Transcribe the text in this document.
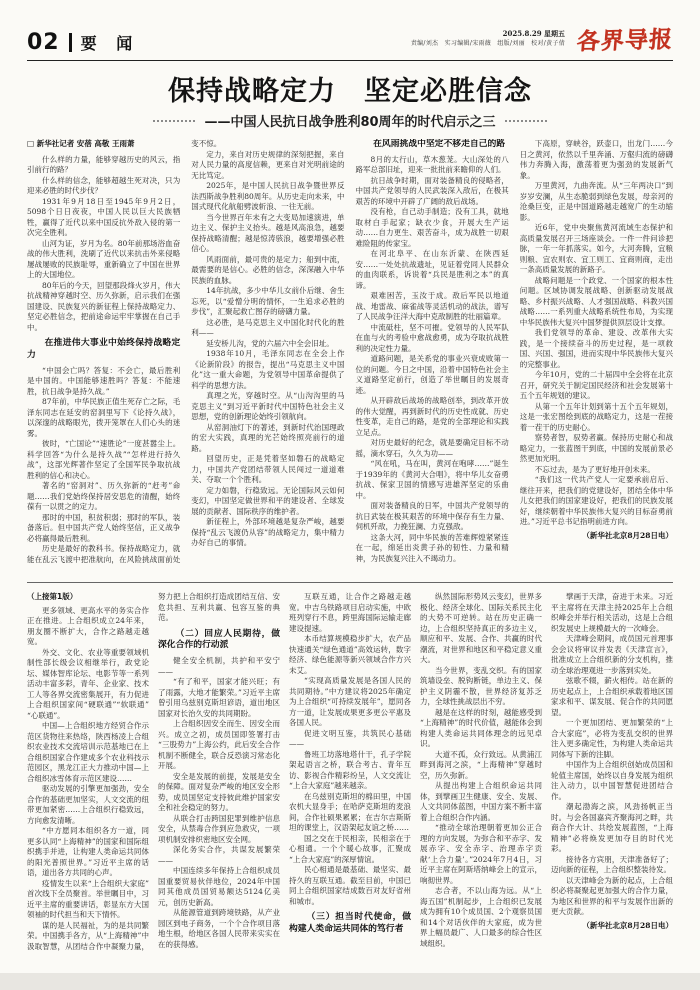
02 要 闻
2025.8.29 星期五
责编/刘杰　实习编辑/宋雨薇　组版/刘丽　校对/黄子倩 各界导报
保持战略定力　坚定必胜信念
——中国人民抗日战争胜利80周年的时代启示之三

□ 新华社记者 安蓓 高敬 王雨萧

什么样的力量，能够穿越历史的风云，指引前行的路？

什么样的信念，能够超越生死对决，只为迎来必胜的时代步伐？

1931年9月18日至1945年9月2日，5098个日日夜夜，中国人民以巨大民族牺牲，赢得了近代以来中国反抗外敌入侵的第一次完全胜利。

山河为证，岁月为名。80年前那场浴血奋战的伟大胜利，洗刷了近代以来抗击外来侵略屡战屡败的民族耻辱，重新确立了中国在世界上的大国地位。

80年后的今天，回望那段烽火岁月，伟大抗战精神穿越时空、历久弥新，启示我们在强国建设、民族复兴的新征程上保持战略定力、坚定必胜信念，把前途命运牢牢掌握在自己手中。

在推进伟大事业中始终保持战略定力

“中国会亡吗？答复：不会亡，最后胜利是中国的。中国能够速胜吗？答复：不能速胜，抗日战争是持久战。”

87年前，中华民族正值生死存亡之际，毛泽东同志在延安的窑洞里写下《论持久战》，以深邃的战略眼光，拨开笼罩在人们心头的迷雾。

彼时，“亡国论”“速胜论”一度甚嚣尘上。科学回答“为什么是持久战”“怎样进行持久战”，这部光辉著作坚定了全国军民争取抗战胜利的信心和决心。

著名的“窑洞对”、历久弥新的“赶考”命题……我们党始终保持居安思危的清醒，始终葆有一以贯之的定力。

那时的中国，积贫积弱；那时的军队，装备落后。但中国共产党人始终坚信，正义战争必将赢得最后胜利。

历史是最好的教科书。保持战略定力，就能在乱云飞渡中把准航向，在风险挑战面前处变不惊。

定力，来自对历史规律的深刻把握，来自对人民力量的高度信赖，更来自对光明前途的无比笃定。

2025年，是中国人民抗日战争暨世界反法西斯战争胜利80周年。从历史走向未来，中国式现代化航船劈波斩浪、一往无前。

当今世界百年未有之大变局加速演进，单边主义、保护主义抬头。越是风高浪急，越要保持战略清醒；越是惊涛骇浪，越要增强必胜信心。

风雨面前，最可贵的是定力；船到中流，最需要的是信心。必胜的信念，深深融入中华民族的血脉。

14年抗战，多少中华儿女前仆后继、舍生忘死，以“爱憎分明的情怀，一生追求必胜的步伐”，汇聚起救亡图存的磅礴力量。

这必胜，是马克思主义中国化时代化的胜利——

延安桥儿沟，党的六届六中全会旧址。

1938年10月，毛泽东同志在全会上作《论新阶段》的报告，提出“马克思主义中国化”这一重大命题，为党领导中国革命提供了科学的思想方法。

真理之光，穿越时空。从“山沟沟里的马克思主义”到习近平新时代中国特色社会主义思想，党的创新理论始终引领航向。

从窑洞油灯下的著述，到新时代治国理政的宏大实践，真理的光芒始终照亮前行的道路。

回望历史，正是凭着坚如磐石的战略定力，中国共产党团结带领人民闯过一道道难关、夺取一个个胜利。

定力如磐，行稳致远。无论国际风云如何变幻，中国坚定做世界和平的建设者、全球发展的贡献者、国际秩序的维护者。

新征程上，外部环境越是复杂严峻，越要保持“乱云飞渡仍从容”的战略定力，集中精力办好自己的事情。

在风雨挑战中坚定不移走自己的路

8月的太行山，草木葱茏。大山深处的八路军总部旧址，迎来一批批前来瞻仰的人们。

抗日战争时期，面对装备精良的侵略者，中国共产党领导的人民武装深入敌后，在极其艰苦的环境中开辟了广阔的敌后战场。

没有枪，自己动手制造；没有工具，就地取材白手起家；缺衣少食，开展大生产运动……自力更生、艰苦奋斗，成为战胜一切艰难险阻的传家宝。

在河北阜平、在山东沂蒙、在陕西延安……一处处抗战遗址，见证着党同人民群众的血肉联系，诉说着“兵民是胜利之本”的真谛。

艰难困苦，玉汝于成。敌后军民以地道战、地雷战、麻雀战等灵活机动的战法，谱写了人民战争汪洋大海中克敌制胜的壮丽篇章。

中流砥柱，坚不可摧。党领导的人民军队在血与火的考验中愈战愈勇，成为夺取抗战胜利的决定性力量。

道路问题，是关系党的事业兴衰成败第一位的问题。今日之中国，沿着中国特色社会主义道路坚定前行，创造了举世瞩目的发展奇迹。

从开辟敌后战场的战略创举，到改革开放的伟大觉醒，再到新时代的历史性成就、历史性变革，走自己的路，是党的全部理论和实践立足点。

对历史最好的纪念，就是要确定目标不动摇，滴水穿石，久久为功——

“风在吼，马在叫，黄河在咆哮……”诞生于1939年的《黄河大合唱》，将中华儿女奋勇抗战、保家卫国的情感写进雄浑坚定的乐曲中。

面对装备精良的日军，中国共产党领导的抗日武装在极其艰苦的环境中保存有生力量、伺机歼敌，力挽狂澜、力克强敌。

这条大河，同中华民族的苦难辉煌紧紧连在一起，绵延出炎黄子孙的韧性、力量和精神，为民族复兴注入不竭动力。

下高原，穿峡谷，跃壶口，出龙门……今日之黄河，依然以千里奔涌、万壑归流的磅礴伟力奔腾入海，激荡着更为强劲的发展新气象。

万里黄河，九曲奔流。从“三年两决口”到岁岁安澜，从生态脆弱到绿色发展，母亲河的沧桑巨变，正是中国道路越走越宽广的生动缩影。

近6年，党中央聚焦黄河流域生态保护和高质量发展召开三场座谈会。一件一件问诊把脉，一年一年抓落实。如今，大河奔腾，宜粮则粮、宜农则农、宜工则工、宜商则商，走出一条高质量发展的新路子。

战略问题是一个政党、一个国家的根本性问题。区域协调发展战略、创新驱动发展战略、乡村振兴战略、人才强国战略、科教兴国战略……一系列重大战略系统性布局，为实现中华民族伟大复兴中国梦提供顶层设计支撑。

我们党领导的革命、建设、改革伟大实践，是一个接续奋斗的历史过程，是一项救国、兴国、强国，进而实现中华民族伟大复兴的完整事业。

今年10月，党的二十届四中全会将在北京召开，研究关于制定国民经济和社会发展第十五个五年规划的建议。

从第一个五年计划到第十五个五年规划，这是一张宏图绘到底的战略定力，这是一茬接着一茬干的历史耐心。

察势者智，驭势者赢。保持历史耐心和战略定力，一张蓝图干到底，中国的发展前景必然更加光明。

不忘过去，是为了更好地开创未来。

“我们这一代共产党人一定要承前启后、继往开来，把我们的党建设好，团结全体中华儿女把我们的国家建设好，把我们的民族发展好，继续朝着中华民族伟大复兴的目标奋勇前进。”习近平总书记指明前进方向。

（新华社北京8月28日电）

（上接第1版）

更多领域、更高水平的务实合作正在推进。上合组织成立24年来，朋友圈不断扩大，合作之路越走越宽。

外交、文化、农业等重要领域机制性部长级会议相继举行，政党论坛、媒体智库论坛、电影节等一系列活动丰富多彩，青年、企业家、技术工人等各界交流密集展开，有力促进上合组织国家间“硬联通”“软联通”“心联通”。

中国—上合组织地方经贸合作示范区货物往来热络，陕西杨凌上合组织农业技术交流培训示范基地已在上合组织国家合作建成多个农业科技示范园区，黑龙江正大力推动中国—上合组织冰雪体育示范区建设……

驱动发展的引擎更加强劲，安全合作的基础更加坚实，人文交流的纽带更加紧密……上合组织行稳致远，方向愈发清晰。

“中方愿同本组织各方一道，同更多认同“上海精神”的国家和国际组织携手并进，让构建人类命运共同体的阳光普照世界。”习近平主席的话语，道出各方共同的心声。

疫情发生以来“上合组织大家庭”首次线下全员聚首。举世瞩目中，习近平主席的重要讲话，彰显东方大国领袖的时代担当和天下情怀。

谋的是人民福祉，为的是共同繁荣。中国携手各方，从“上海精神”中汲取智慧，从团结合作中凝聚力量，努力把上合组织打造成团结互信、安危共担、互利共赢、包容互鉴的典范。

（二）回应人民期待，做深化合作的行动派

健全安全机制，共护和平安宁——

“有了和平，国家才能兴旺；有了雨露，大地才能繁荣。”习近平主席曾引用乌兹别克斯坦谚语，道出地区国家对长治久安的共同期盼。

上合组织因安全而生、因安全而兴。成立之初，成员国即签署打击“三股势力”上海公约，此后安全合作机制不断健全，联合反恐演习常态化开展。

安全是发展的前提，发展是安全的保障。面对复杂严峻的地区安全形势，成员国坚定支持彼此维护国家安全和社会稳定的努力。

从联合打击跨国犯罪到维护信息安全，从禁毒合作到应急救灾，一项项机制安排织密地区安全网。

深化务实合作，共谋发展繁荣——

中国连续多年保持上合组织成员国重要贸易伙伴地位，2024年中国同其他成员国贸易额达5124亿美元，创历史新高。

从能源管道到跨境铁路，从产业园区到电子商务，一个个合作项目落地生根，给地区各国人民带来实实在在的获得感。

互联互通，让合作之路越走越宽。中吉乌铁路项目启动实施，中欧班列穿行不息，跨里海国际运输走廊建设提速。

本币结算规模稳步扩大，农产品快速通关“绿色通道”高效运转，数字经济、绿色能源等新兴领域合作方兴未艾。

“实现高质量发展是各国人民的共同期待。”中方建议将2025年确定为上合组织“可持续发展年”，愿同各方一道，让发展成果更多更公平惠及各国人民。

促进文明互鉴，共筑民心基础——

鲁班工坊落地塔什干，孔子学院架起语言之桥，联合考古、青年互访、影视合作精彩纷呈，人文交流让“上合大家庭”越来越亲。

在乌兹别克斯坦的棉田里，中国农机大显身手；在哈萨克斯坦的麦浪间，合作社硕果累累；在吉尔吉斯斯坦的课堂上，汉语架起友谊之桥……

国之交在于民相亲，民相亲在于心相通。一个个暖心故事，汇聚成“上合大家庭”的深厚情谊。

民心相通是最基础、最坚实、最持久的互联互通。截至目前，中国已同上合组织国家结成数百对友好省州和城市。

（三）担当时代使命，做构建人类命运共同体的笃行者

纵然国际形势风云变幻，世界多极化、经济全球化、国际关系民主化的大势不可逆转。站在历史正确一边，上合组织坚持真正的多边主义，顺应和平、发展、合作、共赢的时代潮流，对世界和地区和平稳定意义重大。

当今世界，变乱交织。有的国家筑墙设垒、脱钩断链，单边主义、保护主义阴霾不散，世界经济复苏乏力，全球性挑战层出不穷。

越是在这样的时刻，越能感受到“上海精神”的时代价值，越能体会到构建人类命运共同体理念的远见卓识。

大道不孤，众行致远。从黄浦江畔到海河之滨，“上海精神”穿越时空，历久弥新。

从提出构建上合组织命运共同体，到擘画卫生健康、安全、发展、人文共同体蓝图，中国方案不断丰富着上合组织合作内涵。

“推动全球治理朝着更加公正合理的方向发展，为弥合和平赤字、发展赤字、安全赤字、治理赤字贡献‘上合力量’。”2024年7月4日，习近平主席在阿斯塔纳峰会上的宣示，响彻世界。

志合者，不以山海为远。从“上海五国”机制起步，上合组织已发展成为拥有10个成员国、2个观察员国和14个对话伙伴的大家庭，成为世界上幅员最广、人口最多的综合性区域组织。

擘画于天津，奋进于未来。习近平主席将在天津主持2025年上合组织峰会并举行相关活动，这是上合组织发展史上规模最大的一次峰会。

天津峰会期间，成员国元首理事会会议将审议并发表《天津宣言》，批准成立上合组织新的分支机构，推动全球治理观进一步落到实处。

弦歌不辍，薪火相传。站在新的历史起点上，上合组织承载着地区国家求和平、谋发展、促合作的共同愿望。

一个更加团结、更加繁荣的“上合大家庭”，必将为变乱交织的世界注入更多确定性，为构建人类命运共同体写下新的注脚。

中国作为上合组织创始成员国和轮值主席国，始终以自身发展为组织注入动力，以中国智慧促进团结合作。

潮起渤海之滨，风劲扬帆正当时。与会各国嘉宾齐聚海河之畔，共商合作大计、共绘发展蓝图，“上海精神”必将焕发更加夺目的时代光彩。

接待各方宾朋，天津准备好了；迈向新的征程，上合组织整装待发。

以天津峰会为新的起点，上合组织必将凝聚起更加强大的合作力量，为地区和世界的和平与发展作出新的更大贡献。

（新华社北京8月28日电）
